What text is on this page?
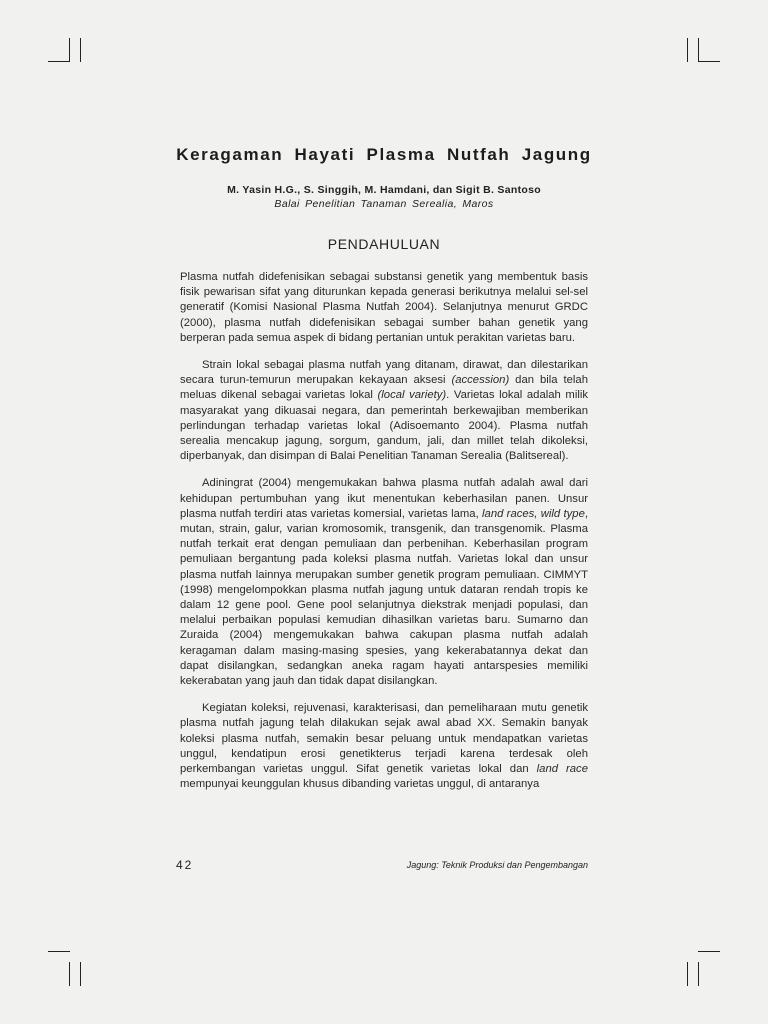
Keragaman Hayati Plasma Nutfah Jagung
M. Yasin H.G., S. Singgih, M. Hamdani, dan Sigit B. Santoso
Balai Penelitian Tanaman Serealia, Maros
PENDAHULUAN

Plasma nutfah didefenisikan sebagai substansi genetik yang membentuk basis fisik pewarisan sifat yang diturunkan kepada generasi berikutnya melalui sel-sel generatif (Komisi Nasional Plasma Nutfah 2004). Selanjutnya menurut GRDC (2000), plasma nutfah didefenisikan sebagai sumber bahan genetik yang berperan pada semua aspek di bidang pertanian untuk perakitan varietas baru.

Strain lokal sebagai plasma nutfah yang ditanam, dirawat, dan dilestarikan secara turun-temurun merupakan kekayaan aksesi (accession) dan bila telah meluas dikenal sebagai varietas lokal (local variety). Varietas lokal adalah milik masyarakat yang dikuasai negara, dan pemerintah berkewajiban memberikan perlindungan terhadap varietas lokal (Adisoemanto 2004). Plasma nutfah serealia mencakup jagung, sorgum, gandum, jali, dan millet telah dikoleksi, diperbanyak, dan disimpan di Balai Penelitian Tanaman Serealia (Balitsereal).

Adiningrat (2004) mengemukakan bahwa plasma nutfah adalah awal dari kehidupan pertumbuhan yang ikut menentukan keberhasilan panen. Unsur plasma nutfah terdiri atas varietas komersial, varietas lama, land races, wild type, mutan, strain, galur, varian kromosomik, transgenik, dan transgenomik. Plasma nutfah terkait erat dengan pemuliaan dan perbenihan. Keberhasilan program pemuliaan bergantung pada koleksi plasma nutfah. Varietas lokal dan unsur plasma nutfah lainnya merupakan sumber genetik program pemuliaan. CIMMYT (1998) mengelompokkan plasma nutfah jagung untuk dataran rendah tropis ke dalam 12 gene pool. Gene pool selanjutnya diekstrak menjadi populasi, dan melalui perbaikan populasi kemudian dihasilkan varietas baru. Sumarno dan Zuraida (2004) mengemukakan bahwa cakupan plasma nutfah adalah keragaman dalam masing-masing spesies, yang kekerabatannya dekat dan dapat disilangkan, sedangkan aneka ragam hayati antarspesies memiliki kekerabatan yang jauh dan tidak dapat disilangkan.

Kegiatan koleksi, rejuvenasi, karakterisasi, dan pemeliharaan mutu genetik plasma nutfah jagung telah dilakukan sejak awal abad XX. Semakin banyak koleksi plasma nutfah, semakin besar peluang untuk mendapatkan varietas unggul, kendatipun erosi genetikterus terjadi karena terdesak oleh perkembangan varietas unggul. Sifat genetik varietas lokal dan land race mempunyai keunggulan khusus dibanding varietas unggul, di antaranya

42	Jagung: Teknik Produksi dan Pengembangan
